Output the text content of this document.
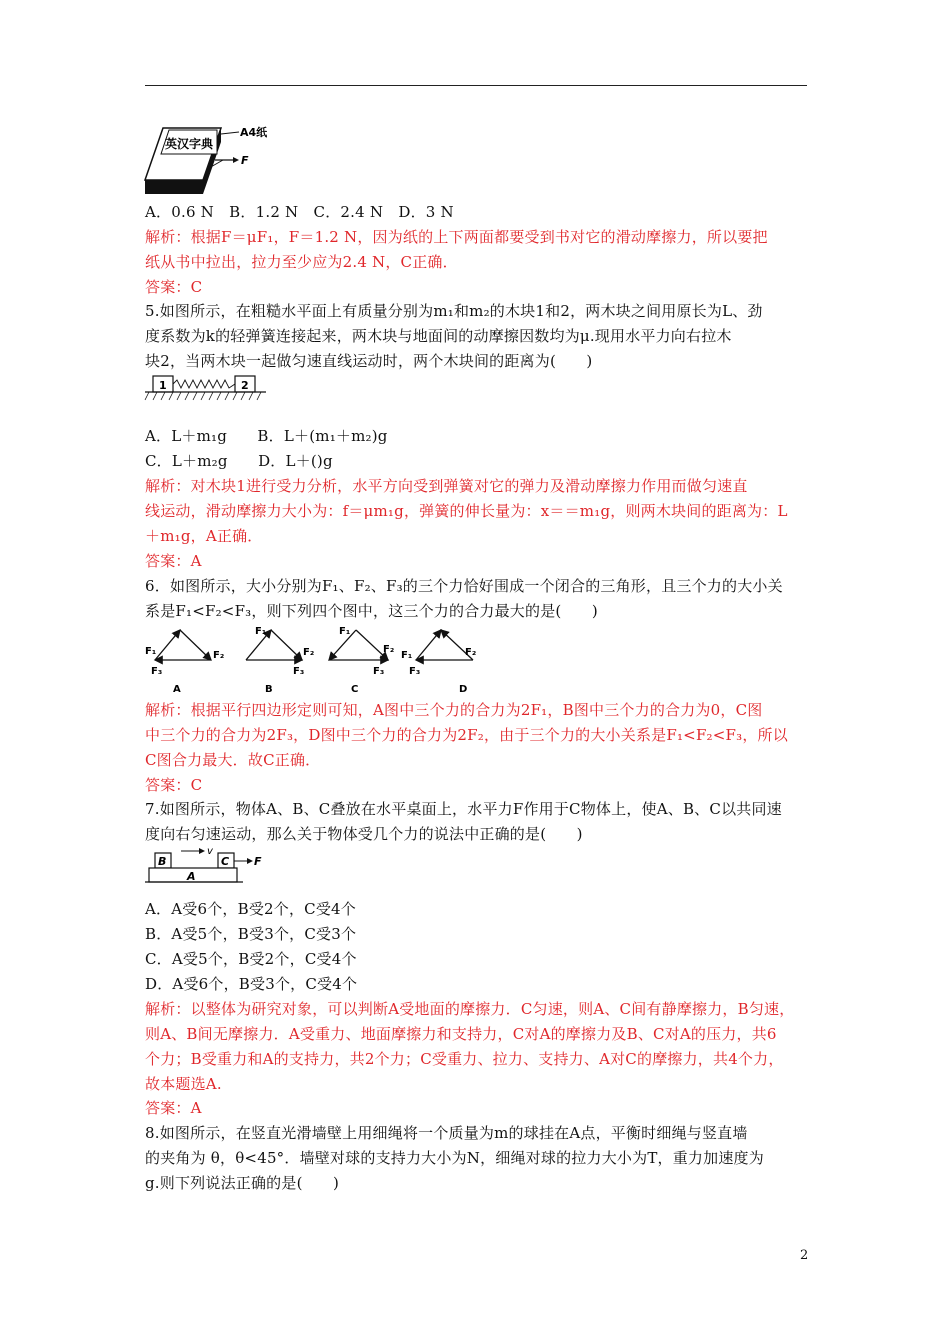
英汉字典
A4纸
F
A．0.6 N　B．1.2 N　C．2.4 N　D．3 N
解析：根据F＝μF₁，F＝1.2 N，因为纸的上下两面都要受到书对它的滑动摩擦力，所以要把
纸从书中拉出，拉力至少应为2.4 N，C正确．
答案：C
5.如图所示，在粗糙水平面上有质量分别为m₁和m₂的木块1和2，两木块之间用原长为L、劲
度系数为k的轻弹簧连接起来，两木块与地面间的动摩擦因数均为μ.现用水平力向右拉木
块2，当两木块一起做匀速直线运动时，两个木块间的距离为(　　)
1	2
A．L＋m₁g　　B．L＋(m₁＋m₂)g
C．L＋m₂g　　D．L＋()g
解析：对木块1进行受力分析，水平方向受到弹簧对它的弹力及滑动摩擦力作用而做匀速直
线运动，滑动摩擦力大小为：f＝μm₁g，弹簧的伸长量为：x＝＝m₁g，则两木块间的距离为：L
＋m₁g，A正确．
答案：A
6．如图所示，大小分别为F₁、F₂、F₃的三个力恰好围成一个闭合的三角形，且三个力的大小关
系是F₁<F₂<F₃，则下列四个图中，这三个力的合力最大的是(　　)
F₁	F₂
F₃
A
F₁
F₂
F₃
B
F₁
F₂
F₃
C
F₁	F₂
F₃
D
解析：根据平行四边形定则可知，A图中三个力的合力为2F₁，B图中三个力的合力为0，C图
中三个力的合力为2F₃，D图中三个力的合力为2F₂，由于三个力的大小关系是F₁<F₂<F₃，所以
C图合力最大．故C正确．
答案：C
7.如图所示，物体A、B、C叠放在水平桌面上，水平力F作用于C物体上，使A、B、C以共同速
度向右匀速运动，那么关于物体受几个力的说法中正确的是(　　)
B	C
A
v
F
A．A受6个，B受2个，C受4个
B．A受5个，B受3个，C受3个
C．A受5个，B受2个，C受4个
D．A受6个，B受3个，C受4个
解析：以整体为研究对象，可以判断A受地面的摩擦力．C匀速，则A、C间有静摩擦力，B匀速，
则A、B间无摩擦力．A受重力、地面摩擦力和支持力，C对A的摩擦力及B、C对A的压力，共6
个力；B受重力和A的支持力，共2个力；C受重力、拉力、支持力、A对C的摩擦力，共4个力，
故本题选A.
答案：A
8.如图所示，在竖直光滑墙壁上用细绳将一个质量为m的球挂在A点，平衡时细绳与竖直墙
的夹角为 θ，θ<45°．墙壁对球的支持力大小为N，细绳对球的拉力大小为T，重力加速度为
g.则下列说法正确的是(　　)
2
